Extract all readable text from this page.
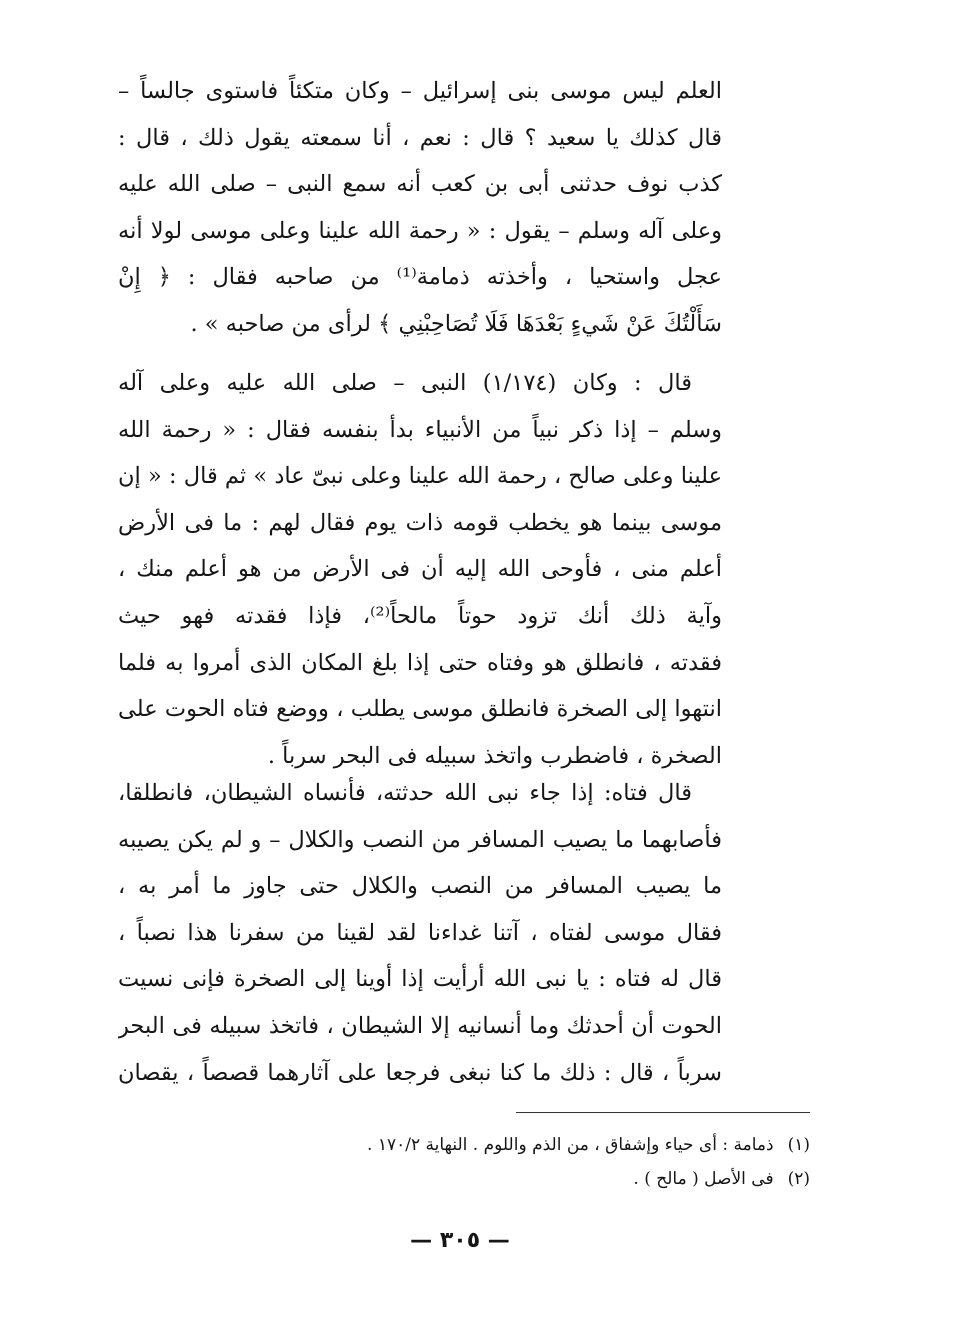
العلم ليس موسى بنى إسرائيل – وكان متكئاً فاستوى جالساً –
قال كذلك يا سعيد ؟ قال : نعم ، أنا سمعته يقول ذلك ، قال :
كذب نوف حدثنى أبى بن كعب أنه سمع النبى – صلى الله عليه
وعلى آله وسلم – يقول : « رحمة الله علينا وعلى موسى لولا أنه
عجل واستحيا ، وأخذته ذمامة⁽¹⁾ من صاحبه فقال : ﴿ إِنْ
سَأَلْتُكَ عَنْ شَيءٍ بَعْدَهَا فَلَا تُصَاحِبْنِي ﴾ لرأى من صاحبه » .
قال : وكان (١/١٧٤) النبى – صلى الله عليه وعلى آله
وسلم – إذا ذكر نبياً من الأنبياء بدأ بنفسه فقال : « رحمة الله
علينا وعلى صالح ، رحمة الله علينا وعلى نبىّ عاد » ثم قال : « إن
موسى بينما هو يخطب قومه ذات يوم فقال لهم : ما فى الأرض
أعلم منى ، فأوحى الله إليه أن فى الأرض من هو أعلم منك ،
وآية ذلك أنك تزود حوتاً مالحاً⁽²⁾، فإذا فقدته فهو حيث
فقدته ، فانطلق هو وفتاه حتى إذا بلغ المكان الذى أمروا به فلما
انتهوا إلى الصخرة فانطلق موسى يطلب ، ووضع فتاه الحوت على
الصخرة ، فاضطرب واتخذ سبيله فى البحر سرباً .
قال فتاه: إذا جاء نبى الله حدثته، فأنساه الشيطان، فانطلقا،
فأصابهما ما يصيب المسافر من النصب والكلال – و لم يكن يصيبه
ما يصيب المسافر من النصب والكلال حتى جاوز ما أمر به ،
فقال موسى لفتاه ، آتنا غداءنا لقد لقينا من سفرنا هذا نصباً ،
قال له فتاه : يا نبى الله أرأيت إذا أوينا إلى الصخرة فإنى نسيت
الحوت أن أحدثك وما أنسانيه إلا الشيطان ، فاتخذ سبيله فى البحر
سرباً ، قال : ذلك ما كنا نبغى فرجعا على آثارهما قصصاً ، يقصان
(١)ذمامة : أى حياء وإشفاق ، من الذم واللوم . النهاية ١٧٠/٢ .
(٢)فى الأصل ( مالح ) .
— ٣٠٥ —
